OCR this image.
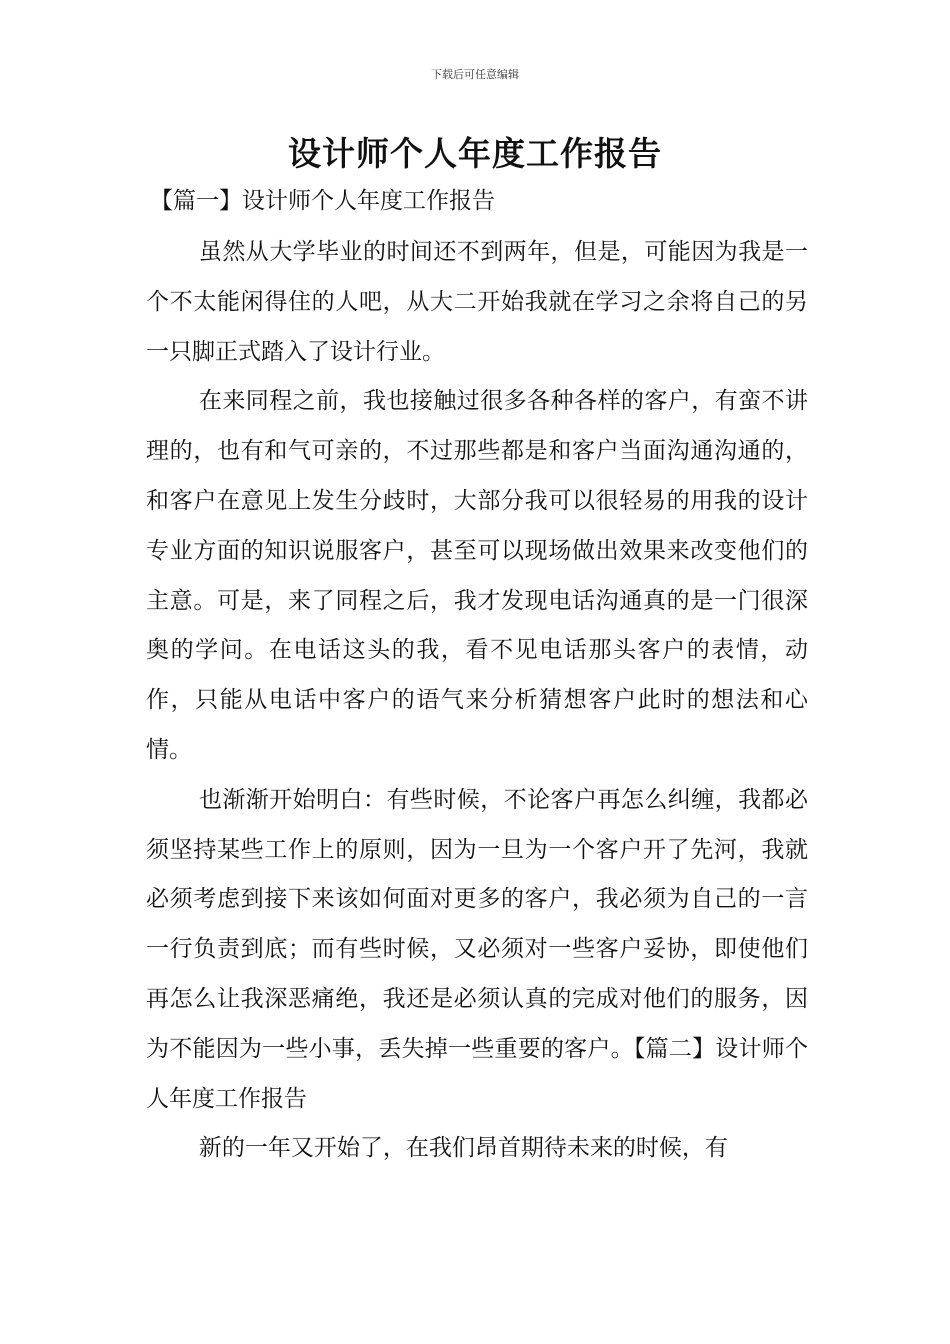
下载后可任意编辑
设计师个人年度工作报告
【篇一】设计师个人年度工作报告

虽然从大学毕业的时间还不到两年，但是，可能因为我是一个不太能闲得住的人吧，从大二开始我就在学习之余将自己的另一只脚正式踏入了设计行业。

在来同程之前，我也接触过很多各种各样的客户，有蛮不讲理的，也有和气可亲的，不过那些都是和客户当面沟通沟通的，和客户在意见上发生分歧时，大部分我可以很轻易的用我的设计专业方面的知识说服客户，甚至可以现场做出效果来改变他们的主意。可是，来了同程之后，我才发现电话沟通真的是一门很深奥的学问。在电话这头的我，看不见电话那头客户的表情，动作，只能从电话中客户的语气来分析猜想客户此时的想法和心情。

也渐渐开始明白：有些时候，不论客户再怎么纠缠，我都必须坚持某些工作上的原则，因为一旦为一个客户开了先河，我就必须考虑到接下来该如何面对更多的客户，我必须为自己的一言一行负责到底；而有些时候，又必须对一些客户妥协，即使他们再怎么让我深恶痛绝，我还是必须认真的完成对他们的服务，因为不能因为一些小事，丢失掉一些重要的客户。【篇二】设计师个人年度工作报告

新的一年又开始了，在我们昂首期待未来的时候，有
